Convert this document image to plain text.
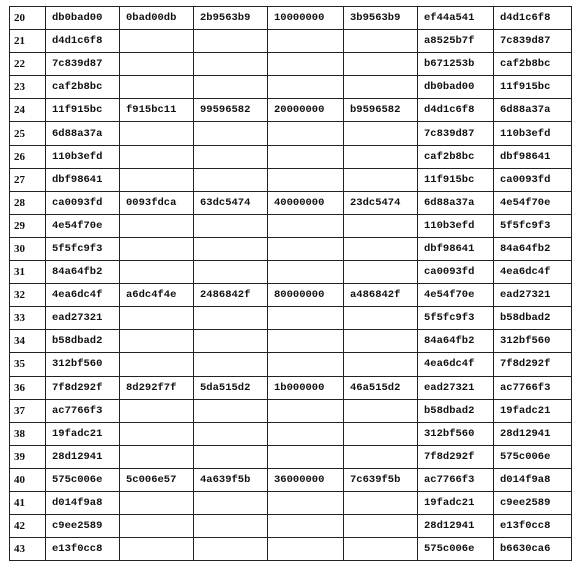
20	db0bad00	0bad00db	2b9563b9	10000000	3b9563b9	ef44a541	d4d1c6f8
21	d4d1c6f8					a8525b7f	7c839d87
22	7c839d87					b671253b	caf2b8bc
23	caf2b8bc					db0bad00	11f915bc
24	11f915bc	f915bc11	99596582	20000000	b9596582	d4d1c6f8	6d88a37a
25	6d88a37a					7c839d87	110b3efd
26	110b3efd					caf2b8bc	dbf98641
27	dbf98641					11f915bc	ca0093fd
28	ca0093fd	0093fdca	63dc5474	40000000	23dc5474	6d88a37a	4e54f70e
29	4e54f70e					110b3efd	5f5fc9f3
30	5f5fc9f3					dbf98641	84a64fb2
31	84a64fb2					ca0093fd	4ea6dc4f
32	4ea6dc4f	a6dc4f4e	2486842f	80000000	a486842f	4e54f70e	ead27321
33	ead27321					5f5fc9f3	b58dbad2
34	b58dbad2					84a64fb2	312bf560
35	312bf560					4ea6dc4f	7f8d292f
36	7f8d292f	8d292f7f	5da515d2	1b000000	46a515d2	ead27321	ac7766f3
37	ac7766f3					b58dbad2	19fadc21
38	19fadc21					312bf560	28d12941
39	28d12941					7f8d292f	575c006e
40	575c006e	5c006e57	4a639f5b	36000000	7c639f5b	ac7766f3	d014f9a8
41	d014f9a8					19fadc21	c9ee2589
42	c9ee2589					28d12941	e13f0cc8
43	e13f0cc8					575c006e	b6630ca6
